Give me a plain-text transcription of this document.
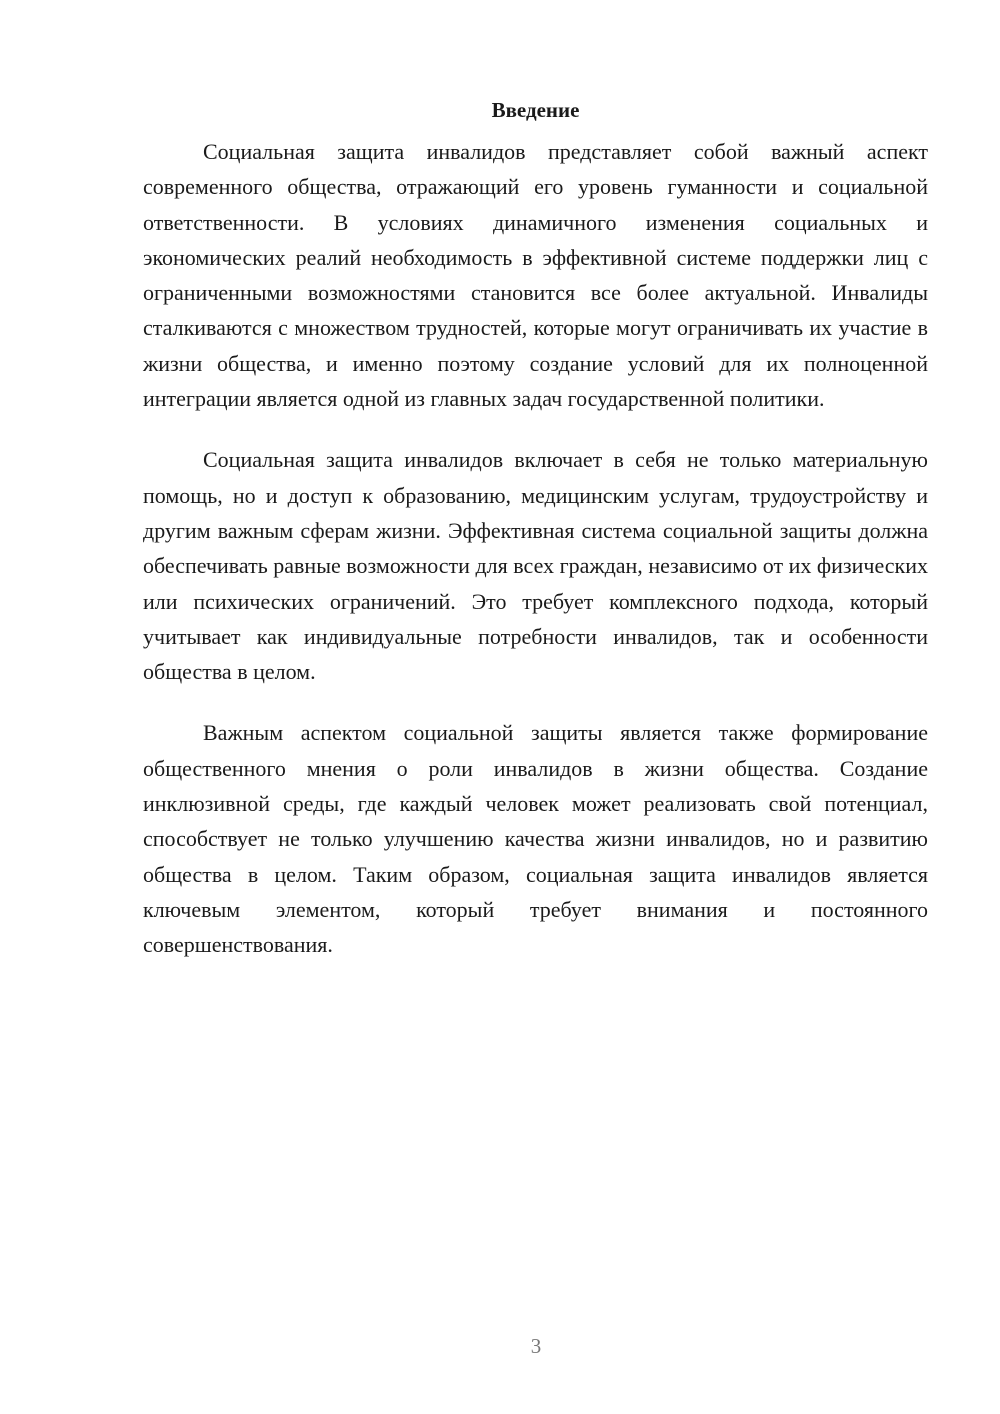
Введение

Социальная защита инвалидов представляет собой важный аспект современного общества, отражающий его уровень гуманности и социальной ответственности. В условиях динамичного изменения социальных и экономических реалий необходимость в эффективной системе поддержки лиц с ограниченными возможностями становится все более актуальной. Инвалиды сталкиваются с множеством трудностей, которые могут ограничивать их участие в жизни общества, и именно поэтому создание условий для их полноценной интеграции является одной из главных задач государственной политики.

Социальная защита инвалидов включает в себя не только материальную помощь, но и доступ к образованию, медицинским услугам, трудоустройству и другим важным сферам жизни. Эффективная система социальной защиты должна обеспечивать равные возможности для всех граждан, независимо от их физических или психических ограничений. Это требует комплексного подхода, который учитывает как индивидуальные потребности инвалидов, так и особенности общества в целом.

Важным аспектом социальной защиты является также формирование общественного мнения о роли инвалидов в жизни общества. Создание инклюзивной среды, где каждый человек может реализовать свой потенциал, способствует не только улучшению качества жизни инвалидов, но и развитию общества в целом. Таким образом, социальная защита инвалидов является ключевым элементом, который требует внимания и постоянного совершенствования.

3
